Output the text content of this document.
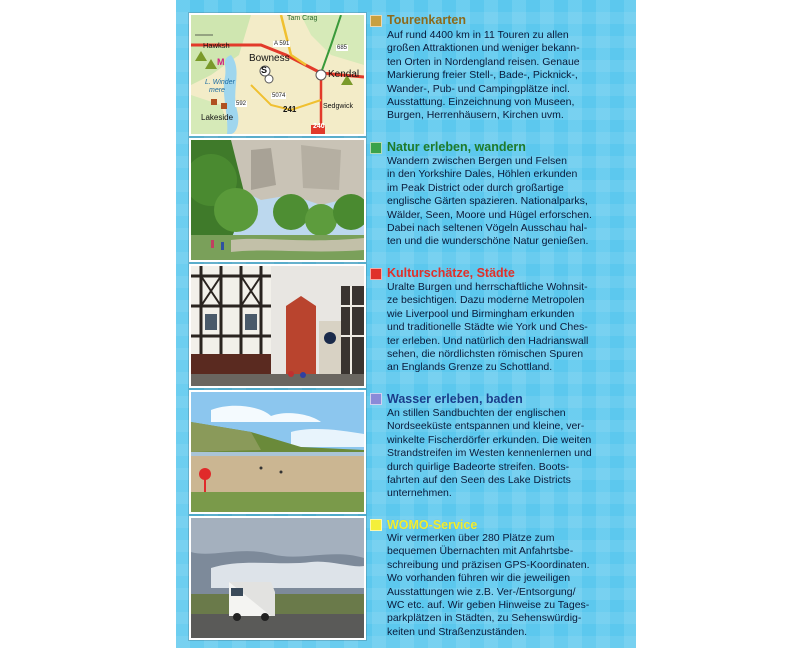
Tam Crag
Hawksh
Bowness
A 591
685
S	Kendal
M
L. Winder
mere
5074
592
241	Sedgwick
Lakeside
240
Tourenkarten
Auf rund 4400 km in 11 Touren zu allen
großen Attraktionen und weniger bekann-
ten Orten in Nordengland reisen. Genaue
Markierung freier Stell-, Bade-, Picknick-,
Wander-, Pub- und Campingplätze incl.
Ausstattung. Einzeichnung von Museen,
Burgen, Herrenhäusern, Kirchen uvm.
Natur erleben, wandern
Wandern zwischen Bergen und Felsen
in den Yorkshire Dales, Höhlen erkunden
im Peak District oder durch großartige
englische Gärten spazieren. Nationalparks,
Wälder, Seen, Moore und Hügel erforschen.
Dabei nach seltenen Vögeln Ausschau hal-
ten und die wunderschöne Natur genießen.
Kulturschätze, Städte
Uralte Burgen und herrschaftliche Wohnsit-
ze besichtigen. Dazu moderne Metropolen
wie Liverpool und Birmingham erkunden
und traditionelle Städte wie York und Ches-
ter erleben. Und natürlich den Hadrianswall
sehen, die nördlichsten römischen Spuren
an Englands Grenze zu Schottland.
Wasser erleben, baden
An stillen Sandbuchten der englischen
Nordseeküste entspannen und kleine, ver-
winkelte Fischerdörfer erkunden. Die weiten
Strandstreifen im Westen kennenlernen und
durch quirlige Badeorte streifen. Boots-
fahrten auf den Seen des Lake Districts
unternehmen.
WOMO-Service
Wir vermerken über 280 Plätze zum
bequemen Übernachten mit Anfahrtsbe-
schreibung und präzisen GPS-Koordinaten.
Wo vorhanden führen wir die jeweiligen
Ausstattungen wie z.B. Ver-/Entsorgung/
WC etc. auf. Wir geben Hinweise zu Tages-
parkplätzen in Städten, zu Sehenswürdig-
keiten und Straßenzuständen.
